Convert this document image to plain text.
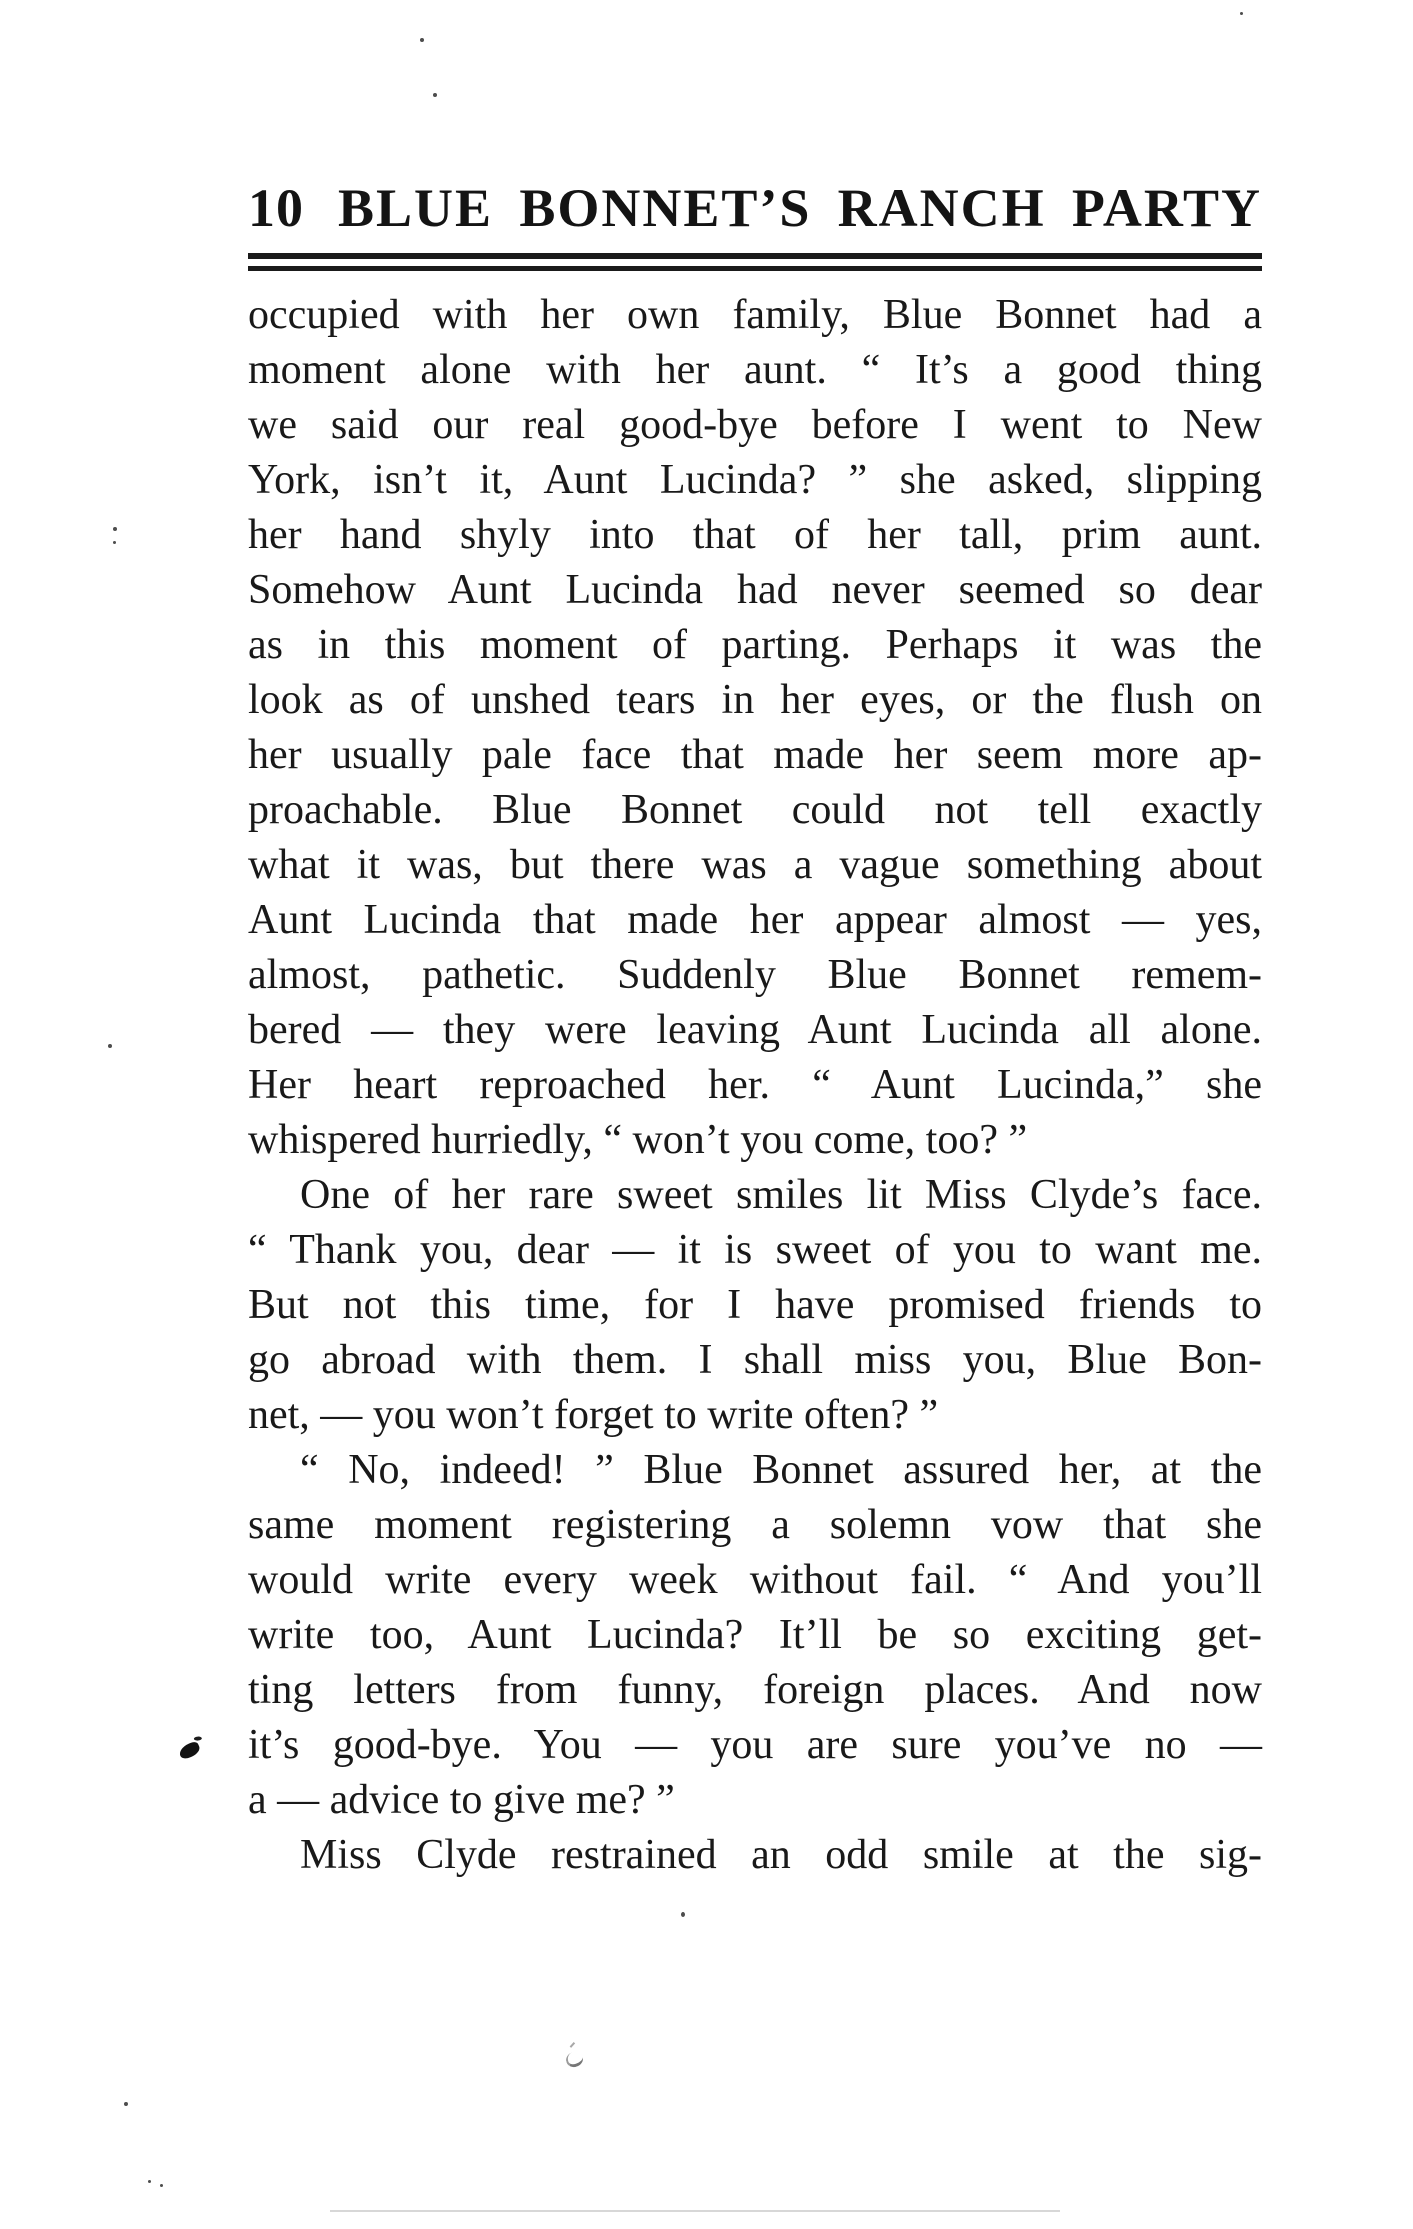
10 BLUE BONNET’S RANCH PARTY
occupied with her own family, Blue Bonnet had a
moment alone with her aunt. “ It’s a good thing
we said our real good-bye before I went to New
York, isn’t it, Aunt Lucinda? ” she asked, slipping
her hand shyly into that of her tall, prim aunt.
Somehow Aunt Lucinda had never seemed so dear
as in this moment of parting. Perhaps it was the
look as of unshed tears in her eyes, or the flush on
her usually pale face that made her seem more ap-
proachable. Blue Bonnet could not tell exactly
what it was, but there was a vague something about
Aunt Lucinda that made her appear almost — yes,
almost, pathetic. Suddenly Blue Bonnet remem-
bered — they were leaving Aunt Lucinda all alone.
Her heart reproached her. “ Aunt Lucinda,” she
whispered hurriedly, “ won’t you come, too? ”
One of her rare sweet smiles lit Miss Clyde’s face.
“ Thank you, dear — it is sweet of you to want me.
But not this time, for I have promised friends to
go abroad with them. I shall miss you, Blue Bon-
net, — you won’t forget to write often? ”
“ No, indeed! ” Blue Bonnet assured her, at the
same moment registering a solemn vow that she
would write every week without fail. “ And you’ll
write too, Aunt Lucinda? It’ll be so exciting get-
ting letters from funny, foreign places. And now
it’s good-bye. You — you are sure you’ve no —
a — advice to give me? ”
Miss Clyde restrained an odd smile at the sig-
